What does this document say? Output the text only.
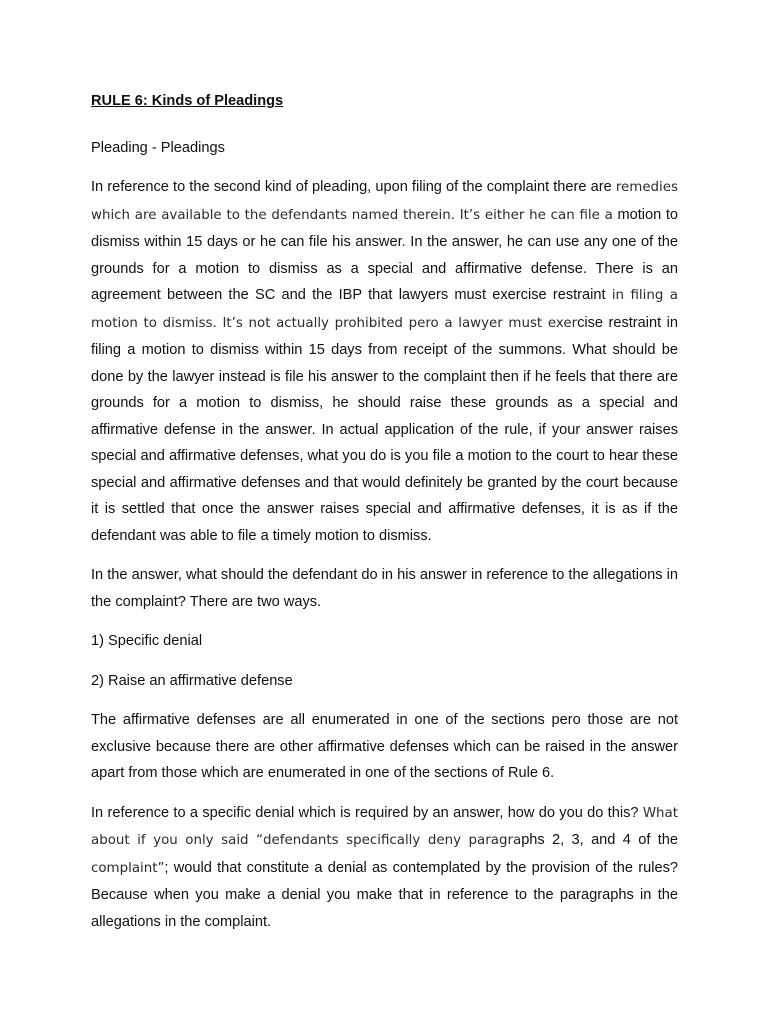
RULE 6: Kinds of Pleadings
Pleading - Pleadings
In reference to the second kind of pleading, upon filing of the complaint there are remedies which are available to the defendants named therein. It’s either he can file a motion to dismiss within 15 days or he can file his answer. In the answer, he can use any one of the grounds for a motion to dismiss as a special and affirmative defense. There is an agreement between the SC and the IBP that lawyers must exercise restraint in filing a motion to dismiss. It’s not actually prohibited pero a lawyer must exercise restraint in filing a motion to dismiss within 15 days from receipt of the summons. What should be done by the lawyer instead is file his answer to the complaint then if he feels that there are grounds for a motion to dismiss, he should raise these grounds as a special and affirmative defense in the answer. In actual application of the rule, if your answer raises special and affirmative defenses, what you do is you file a motion to the court to hear these special and affirmative defenses and that would definitely be granted by the court because it is settled that once the answer raises special and affirmative defenses, it is as if the defendant was able to file a timely motion to dismiss.
In the answer, what should the defendant do in his answer in reference to the allegations in the complaint? There are two ways.
1) Specific denial
2) Raise an affirmative defense
The affirmative defenses are all enumerated in one of the sections pero those are not exclusive because there are other affirmative defenses which can be raised in the answer apart from those which are enumerated in one of the sections of Rule 6.
In reference to a specific denial which is required by an answer, how do you do this? What about if you only said “defendants specifically deny paragraphs 2, 3, and 4 of the complaint”; would that constitute a denial as contemplated by the provision of the rules? Because when you make a denial you make that in reference to the paragraphs in the allegations in the complaint.
